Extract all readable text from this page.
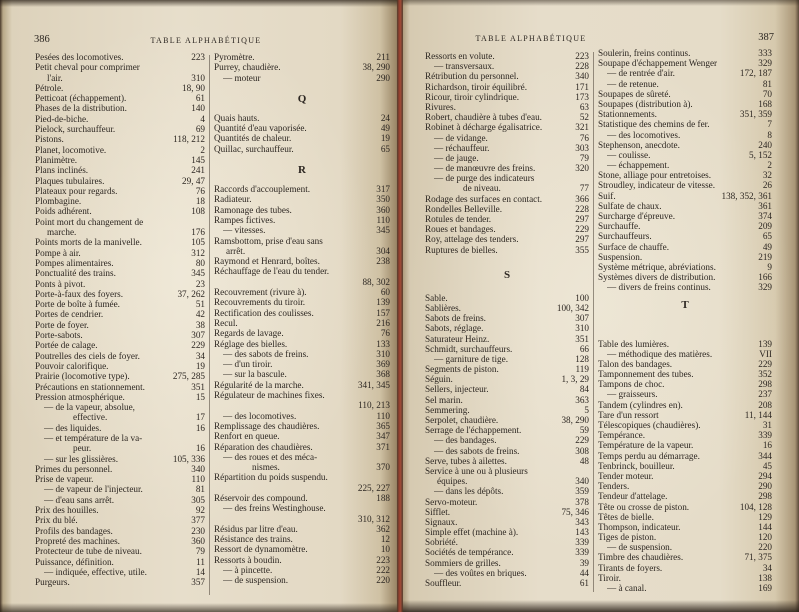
386	TABLE ALPHABÉTIQUE
Pesées des locomotives.	223
Petit cheval pour comprimer
l'air.	310
Pétrole.	18, 90
Petticoat (échappement).	61
Phases de la distribution.	140
Pied-de-biche.	4
Pielock, surchauffeur.	69
Pistons.	118, 212
Planet, locomotive.	2
Planimètre.	145
Plans inclinés.	241
Plaques tubulaires.	29, 47
Plateaux pour regards.	76
Plombagine.	18
Poids adhérent.	108
Point mort du changement de
marche.	176
Points morts de la manivelle.	105
Pompe à air.	312
Pompes alimentaires.	80
Ponctualité des trains.	345
Ponts à pivot.	23
Porte-à-faux des foyers.	37, 262
Porte de boîte à fumée.	51
Portes de cendrier.	42
Porte de foyer.	38
Porte-sabots.	307
Portée de calage.	229
Poutrelles des ciels de foyer.	34
Pouvoir calorifique.	19
Prairie (locomotive type).	275, 285
Précautions en stationnement.	351
Pression atmosphérique.	15
— de la vapeur, absolue,
effective.	17
— des liquides.	16
— et température de la va-
peur.	16
— sur les glissières.	105, 336
Primes du personnel.	340
Prise de vapeur.	110
— de vapeur de l'injecteur.	81
— d'eau sans arrêt.	305
Prix des houilles.	92
Prix du blé.	377
Profils des bandages.	230
Propreté des machines.	360
Protecteur de tube de niveau.	79
Puissance, définition.	11
— indiquée, effective, utile.	14
Purgeurs.	357
Pyromètre.	211
Purrey, chaudière.	38, 290
— moteur	290
Q
Quais hauts.	24
Quantité d'eau vaporisée.	49
Quantités de chaleur.	19
Quillac, surchauffeur.	65
R
Raccords d'accouplement.	317
Radiateur.	350
Ramonage des tubes.	360
Rampes fictives.	110
— vitesses.	345
Ramsbottom, prise d'eau sans
arrêt.	304
Raymond et Henrard, boîtes.	238
Réchauffage de l'eau du tender.
88, 302
Recouvrement (rivure à).	60
Recouvrements du tiroir.	139
Rectification des coulisses.	157
Recul.	216
Regards de lavage.	76
Réglage des bielles.	133
— des sabots de freins.	310
— d'un tiroir.	369
— sur la bascule.	368
Régularité de la marche.	341, 345
Régulateur de machines fixes.
110, 213
— des locomotives.	110
Remplissage des chaudières.	365
Renfort en queue.	347
Réparation des chaudières.	371
— des roues et des méca-
nismes.	370
Répartition du poids suspendu.
225, 227
Réservoir des compound.	188
— des freins Westinghouse.
310, 312
Résidus par litre d'eau.	362
Résistance des trains.	12
Ressort de dynamomètre.	10
Ressorts à boudin.	223
— à pincette.	222
— de suspension.	220
TABLE ALPHABÉTIQUE	387
Ressorts en volute.	223
— transversaux.	228
Rétribution du personnel.	340
Richardson, tiroir équilibré.	171
Ricour, tiroir cylindrique.	173
Rivures.	63
Robert, chaudière à tubes d'eau.	52
Robinet à décharge égalisatrice.	321
— de vidange.	76
— réchauffeur.	303
— de jauge.	79
— de manœuvre des freins.	320
— de purge des indicateurs
de niveau.	77
Rodage des surfaces en contact.	366
Rondelles Belleville.	228
Rotules de tender.	297
Roues et bandages.	229
Roy, attelage des tenders.	297
Ruptures de bielles.	355
S
Sable.	100
Sablières.	100, 342
Sabots de freins.	307
Sabots, réglage.	310
Saturateur Heinz.	351
Schmidt, surchauffeurs.	66
— garniture de tige.	128
Segments de piston.	119
Séguin.	1, 3, 29
Sellers, injecteur.	84
Sel marin.	363
Semmering.	5
Serpolet, chaudière.	38, 290
Serrage de l'échappement.	59
— des bandages.	229
— des sabots de freins.	308
Serve, tubes à ailettes.	48
Service à une ou à plusieurs
équipes.	340
— dans les dépôts.	359
Servo-moteur.	378
Sifflet.	75, 346
Signaux.	343
Simple effet (machine à).	143
Sobriété.	339
Sociétés de tempérance.	339
Sommiers de grilles.	39
— des voûtes en briques.	44
Souffleur.	61
Soulerin, freins continus.	333
Soupape d'échappement Wenger	329
— de rentrée d'air.	172, 187
— de retenue.	81
Soupapes de sûreté.	70
Soupapes (distribution à).	168
Stationnements.	351, 359
Statistique des chemins de fer.	7
— des locomotives.	8
Stephenson, anecdote.	240
— coulisse.	5, 152
— échappement.	2
Stone, alliage pour entretoises.	32
Stroudley, indicateur de vitesse.	26
Suif.	138, 352, 361
Sulfate de chaux.	361
Surcharge d'épreuve.	374
Surchauffe.	209
Surchauffeurs.	65
Surface de chauffe.	49
Suspension.	219
Système métrique, abréviations.	9
Systèmes divers de distribution.	166
— divers de freins continus.	329
T
Table des lumières.	139
— méthodique des matières.	VII
Talon des bandages.	229
Tamponnement des tubes.	352
Tampons de choc.	298
— graisseurs.	237
Tandem (cylindres en).	208
Tare d'un ressort	11, 144
Télescopiques (chaudières).	31
Tempérance.	339
Température de la vapeur.	16
Temps perdu au démarrage.	344
Tenbrinck, bouilleur.	45
Tender moteur.	294
Tenders.	290
Tendeur d'attelage.	298
Tête ou crosse de piston.	104, 128
Têtes de bielle.	129
Thompson, indicateur.	144
Tiges de piston.	120
— de suspension.	220
Timbre des chaudières.	71, 375
Tirants de foyers.	34
Tiroir.	138
— à canal.	169
